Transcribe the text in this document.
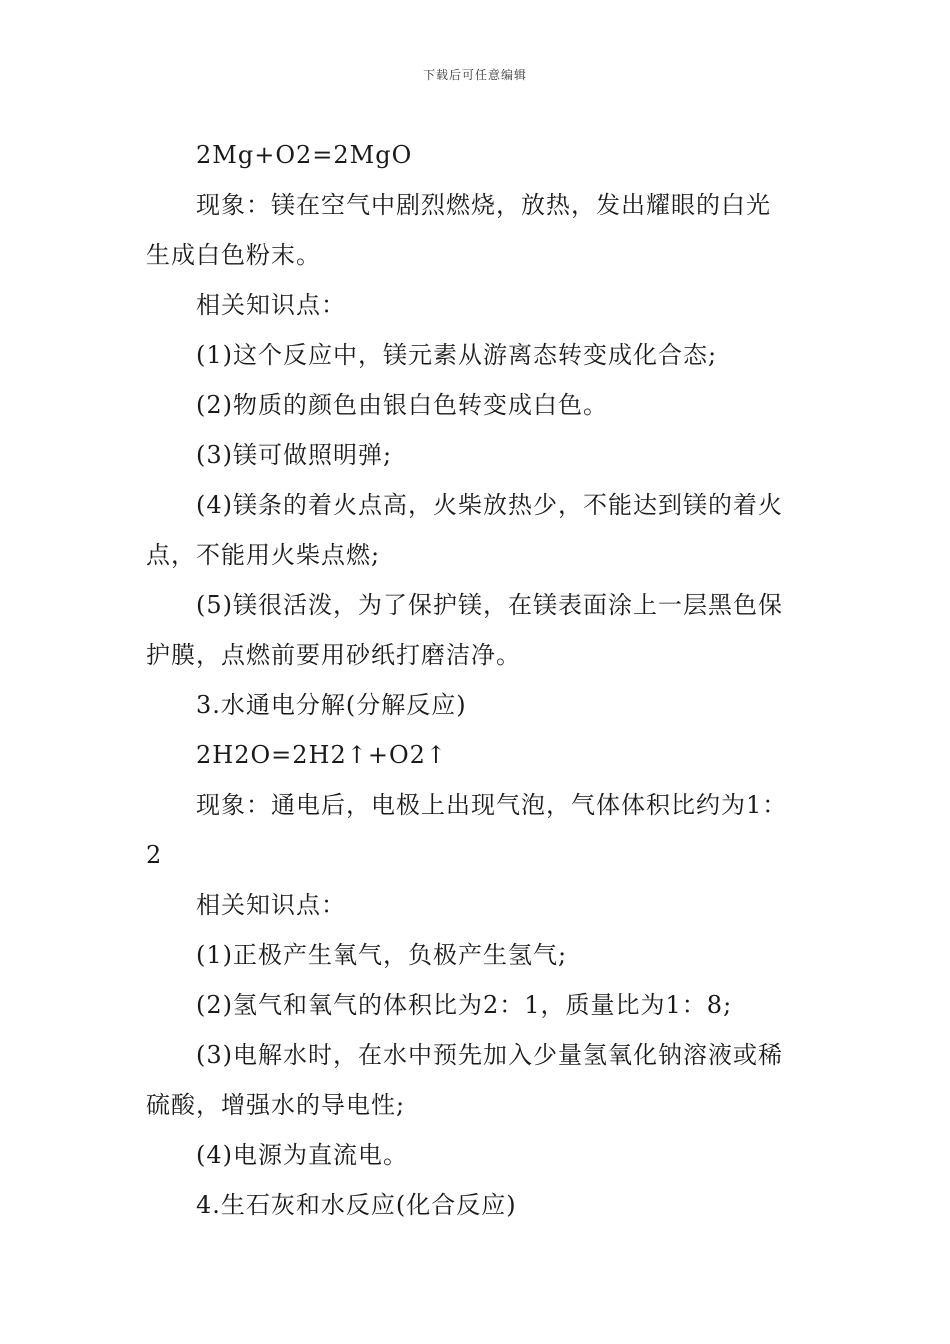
下载后可任意编辑
2Mg+O2=2MgO
现象：镁在空气中剧烈燃烧，放热，发出耀眼的白光
生成白色粉末。
相关知识点：
(1)这个反应中，镁元素从游离态转变成化合态;
(2)物质的颜色由银白色转变成白色。
(3)镁可做照明弹;
(4)镁条的着火点高，火柴放热少，不能达到镁的着火
点，不能用火柴点燃;
(5)镁很活泼，为了保护镁，在镁表面涂上一层黑色保
护膜，点燃前要用砂纸打磨洁净。
3.水通电分解(分解反应)
2H2O=2H2↑+O2↑
现象：通电后，电极上出现气泡，气体体积比约为1：
2
相关知识点：
(1)正极产生氧气，负极产生氢气;
(2)氢气和氧气的体积比为2：1，质量比为1：8;
(3)电解水时，在水中预先加入少量氢氧化钠溶液或稀
硫酸，增强水的导电性;
(4)电源为直流电。
4.生石灰和水反应(化合反应)
